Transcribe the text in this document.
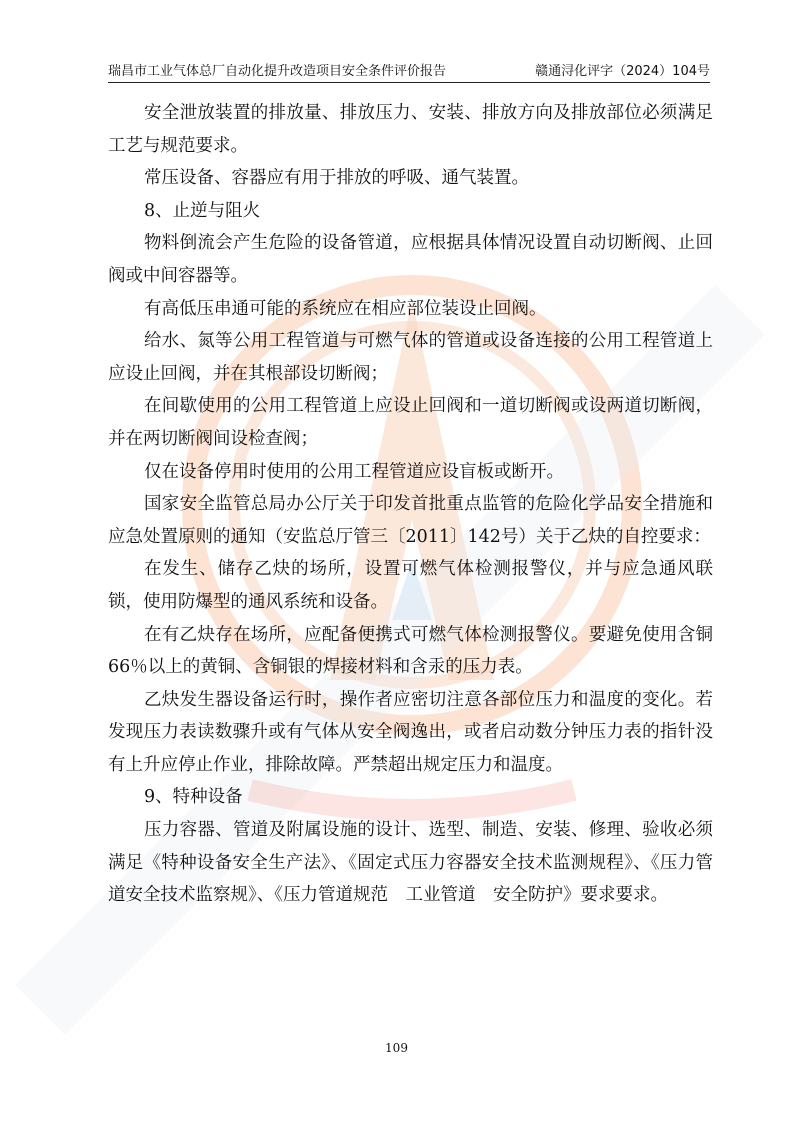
瑞昌市工业气体总厂自动化提升改造项目安全条件评价报告	赣通浔化评字（2024）104号

安全泄放装置的排放量、排放压力、安装、排放方向及排放部位必须满足工艺与规范要求。

常压设备、容器应有用于排放的呼吸、通气装置。

8、止逆与阻火

物料倒流会产生危险的设备管道，应根据具体情况设置自动切断阀、止回阀或中间容器等。

有高低压串通可能的系统应在相应部位装设止回阀。

给水、氮等公用工程管道与可燃气体的管道或设备连接的公用工程管道上应设止回阀，并在其根部设切断阀；

在间歇使用的公用工程管道上应设止回阀和一道切断阀或设两道切断阀，并在两切断阀间设检查阀；

仅在设备停用时使用的公用工程管道应设盲板或断开。

国家安全监管总局办公厅关于印发首批重点监管的危险化学品安全措施和应急处置原则的通知（安监总厅管三〔2011〕142号）关于乙炔的自控要求：

在发生、储存乙炔的场所，设置可燃气体检测报警仪，并与应急通风联锁，使用防爆型的通风系统和设备。

在有乙炔存在场所，应配备便携式可燃气体检测报警仪。要避免使用含铜66％以上的黄铜、含铜银的焊接材料和含汞的压力表。

乙炔发生器设备运行时，操作者应密切注意各部位压力和温度的变化。若发现压力表读数骤升或有气体从安全阀逸出，或者启动数分钟压力表的指针没有上升应停止作业，排除故障。严禁超出规定压力和温度。

9、特种设备

压力容器、管道及附属设施的设计、选型、制造、安装、修理、验收必须满足《特种设备安全生产法》、《固定式压力容器安全技术监测规程》、《压力管道安全技术监察规》、《压力管道规范　工业管道　安全防护》要求要求。

109
